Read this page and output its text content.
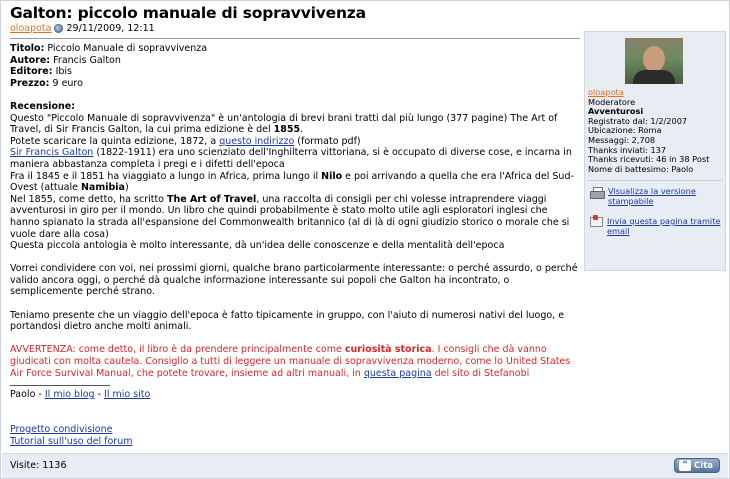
Galton: piccolo manuale di sopravvivenza
oloapota 29/11/2009, 12:11

Titolo: Piccolo Manuale di sopravvivenza

Autore: Francis Galton

Editore: Ibis

Prezzo: 9 euro

Recensione:

Questo "Piccolo Manuale di sopravvivenza" è un'antologia di brevi brani tratti dal più lungo (377 pagine) The Art of Travel, di Sir Francis Galton, la cui prima edizione è del 1855.

Potete scaricare la quinta edizione, 1872, a questo indirizzo (formato pdf)

Sir Francis Galton (1822-1911) era uno scienziato dell'Inghilterra vittoriana, si è occupato di diverse cose, e incarna in maniera abbastanza completa i pregi e i difetti dell'epoca

Fra il 1845 e il 1851 ha viaggiato a lungo in Africa, prima lungo il Nilo e poi arrivando a quella che era l'Africa del Sud-Ovest (attuale Namibia)

Nel 1855, come detto, ha scritto The Art of Travel, una raccolta di consigli per chi volesse intraprendere viaggi avventurosi in giro per il mondo. Un libro che quindi probabilmente è stato molto utile agli esploratori inglesi che hanno spianato la strada all'espansione del Commonwealth britannico (al di là di ogni giudizio storico o morale che si vuole dare alla cosa)

Questa piccola antologia è molto interessante, dà un'idea delle conoscenze e della mentalità dell'epoca

Vorrei condividere con voi, nei prossimi giorni, qualche brano particolarmente interessante: o perché assurdo, o perché valido ancora oggi, o perché dà qualche informazione interessante sui popoli che Galton ha incontrato, o semplicemente perché strano.

Teniamo presente che un viaggio dell'epoca è fatto tipicamente in gruppo, con l'aiuto di numerosi nativi del luogo, e portandosi dietro anche molti animali.

AVVERTENZA: come detto, il libro è da prendere principalmente come curiosità storica. I consigli che dà vanno giudicati con molta cautela. Consiglio a tutti di leggere un manuale di sopravvivenza moderno, come lo United States Air Force Survival Manual, che potete trovare, insieme ad altri manuali, in questa pagina del sito di Stefanobi

Paolo - Il mio blog - Il mio sito

Progetto condivisione

Tutorial sull'uso del forum

oloapota
Moderatore
Avventurosi
Registrato dal: 1/2/2007
Ubicazione: Roma
Messaggi: 2,708
Thanks inviati: 137
Thanks ricevuti: 46 in 38 Post
Nome di battesimo: Paolo
Visualizza la versione stampabile
Invia questa pagina tramite email
Visite: 1136	“ Cita
